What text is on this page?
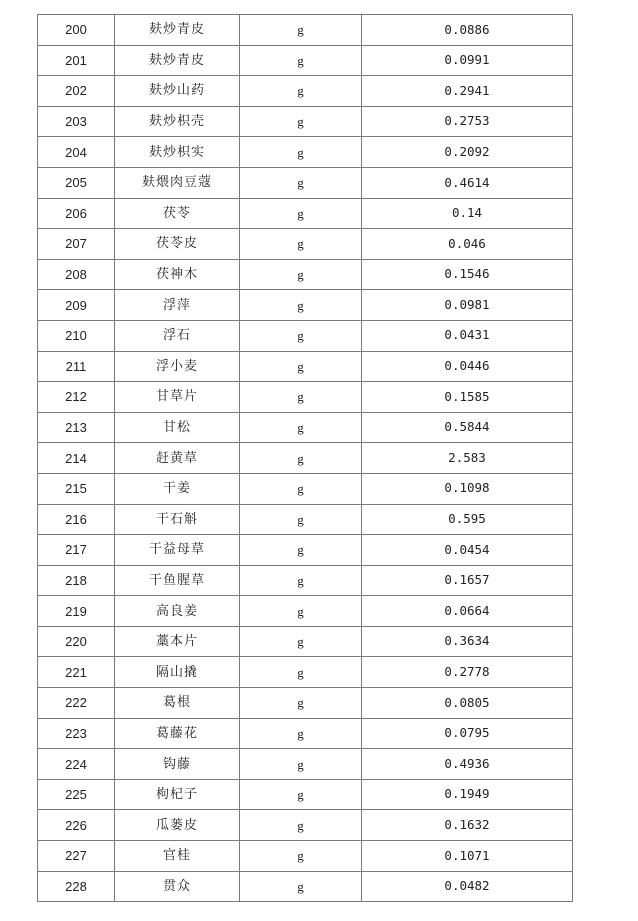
200	麸炒青皮	g	0.0886
201	麸炒青皮	g	0.0991
202	麸炒山药	g	0.2941
203	麸炒枳壳	g	0.2753
204	麸炒枳实	g	0.2092
205	麸煨肉豆蔻	g	0.4614
206	茯苓	g	0.14
207	茯苓皮	g	0.046
208	茯神木	g	0.1546
209	浮萍	g	0.0981
210	浮石	g	0.0431
211	浮小麦	g	0.0446
212	甘草片	g	0.1585
213	甘松	g	0.5844
214	赶黄草	g	2.583
215	干姜	g	0.1098
216	干石斛	g	0.595
217	干益母草	g	0.0454
218	干鱼腥草	g	0.1657
219	高良姜	g	0.0664
220	藁本片	g	0.3634
221	隔山撬	g	0.2778
222	葛根	g	0.0805
223	葛藤花	g	0.0795
224	钩藤	g	0.4936
225	枸杞子	g	0.1949
226	瓜蒌皮	g	0.1632
227	官桂	g	0.1071
228	贯众	g	0.0482
